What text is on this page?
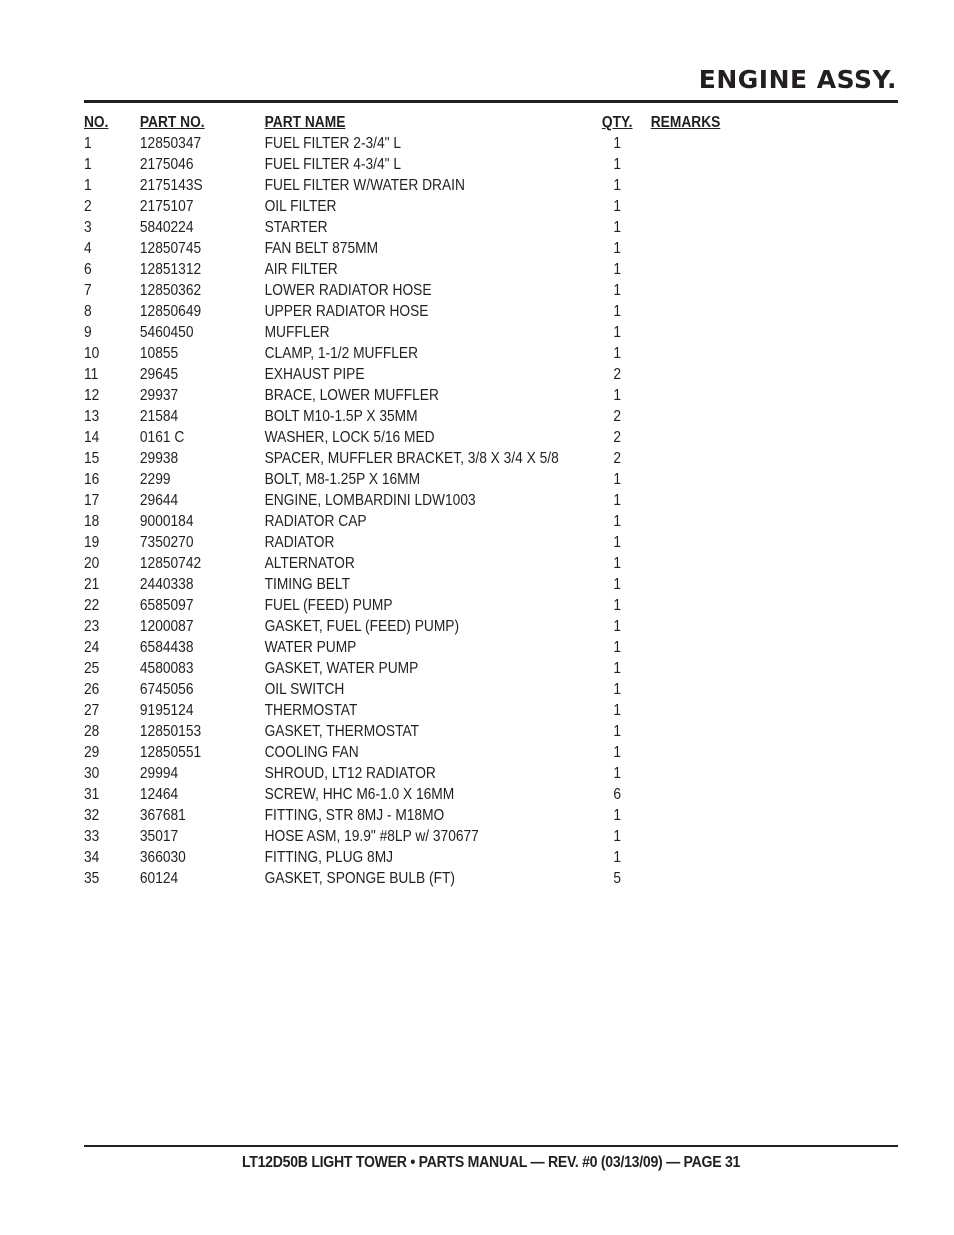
ENGINE ASSY.
NO.	PART NO.	PART NAME	QTY.	REMARKS
1	12850347	FUEL FILTER 2-3/4" L	1	
1	2175046	FUEL FILTER 4-3/4" L	1	
1	2175143S	FUEL FILTER W/WATER DRAIN	1	
2	2175107	OIL FILTER	1	
3	5840224	STARTER	1	
4	12850745	FAN BELT 875MM	1	
6	12851312	AIR FILTER	1	
7	12850362	LOWER RADIATOR HOSE	1	
8	12850649	UPPER RADIATOR HOSE	1	
9	5460450	MUFFLER	1	
10	10855	CLAMP, 1-1/2 MUFFLER	1	
11	29645	EXHAUST PIPE	2	
12	29937	BRACE, LOWER MUFFLER	1	
13	21584	BOLT M10-1.5P X 35MM	2	
14	0161 C	WASHER, LOCK 5/16 MED	2	
15	29938	SPACER, MUFFLER BRACKET, 3/8 X 3/4 X 5/8	2	
16	2299	BOLT, M8-1.25P X 16MM	1	
17	29644	ENGINE, LOMBARDINI LDW1003	1	
18	9000184	RADIATOR CAP	1	
19	7350270	RADIATOR	1	
20	12850742	ALTERNATOR	1	
21	2440338	TIMING BELT	1	
22	6585097	FUEL (FEED) PUMP	1	
23	1200087	GASKET, FUEL (FEED) PUMP)	1	
24	6584438	WATER PUMP	1	
25	4580083	GASKET, WATER PUMP	1	
26	6745056	OIL SWITCH	1	
27	9195124	THERMOSTAT	1	
28	12850153	GASKET, THERMOSTAT	1	
29	12850551	COOLING FAN	1	
30	29994	SHROUD, LT12 RADIATOR	1	
31	12464	SCREW, HHC M6-1.0 X 16MM	6	
32	367681	FITTING, STR 8MJ - M18MO	1	
33	35017	HOSE ASM, 19.9" #8LP w/ 370677	1	
34	366030	FITTING, PLUG 8MJ	1	
35	60124	GASKET, SPONGE BULB (FT)	5	
LT12D50B LIGHT TOWER • PARTS MANUAL — REV. #0 (03/13/09) — PAGE 31
